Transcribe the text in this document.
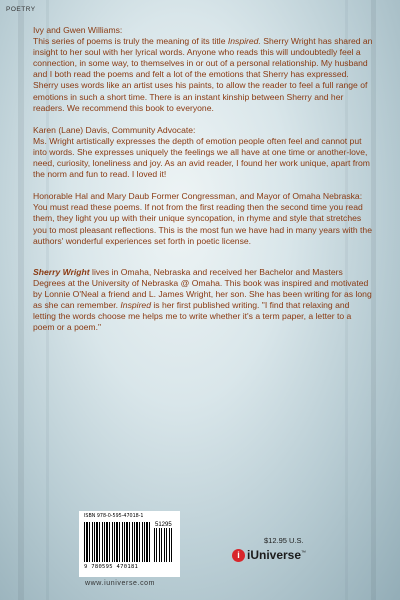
POETRY

Ivy and Gwen Williams:

This series of poems is truly the meaning of its title Inspired. Sherry Wright has shared an insight to her soul with her lyrical words. Anyone who reads this will undoubtedly feel a connection, in some way, to themselves in or out of a personal relationship. My husband and I both read the poems and felt a lot of the emotions that Sherry has expressed. Sherry uses words like an artist uses his paints, to allow the reader to feel a full range of emotions in such a short time. There is an instant kinship between Sherry and her readers. We recommend this book to everyone.

Karen (Lane) Davis, Community Advocate:

Ms. Wright artistically expresses the depth of emotion people often feel and cannot put into words. She expresses uniquely the feelings we all have at one time or another-love, need, curiosity, loneliness and joy. As an avid reader, I found her work unique, apart from the norm and fun to read. I loved it!

Honorable Hal and Mary Daub Former Congressman, and Mayor of Omaha Nebraska:

You must read these poems. If not from the first reading then the second time you read them, they light you up with their unique syncopation, in rhyme and style that stretches you to most pleasant reflections. This is the most fun we have had in many years with the authors' wonderful experiences set forth in poetic license.

Sherry Wright lives in Omaha, Nebraska and received her Bachelor and Masters Degrees at the University of Nebraska @ Omaha. This book was inspired and motivated by Lonnie O'Neal a friend and L. James Wright, her son. She has been writing for as long as she can remember. Inspired is her first published writing. "I find that relaxing and letting the words choose me helps me to write whether it's a term paper, a letter to a poem or a poem."

ISBN 978-0-595-47018-1
51295
9 780595 470181
www.iuniverse.com
$12.95 U.S.
i iUniverse™
